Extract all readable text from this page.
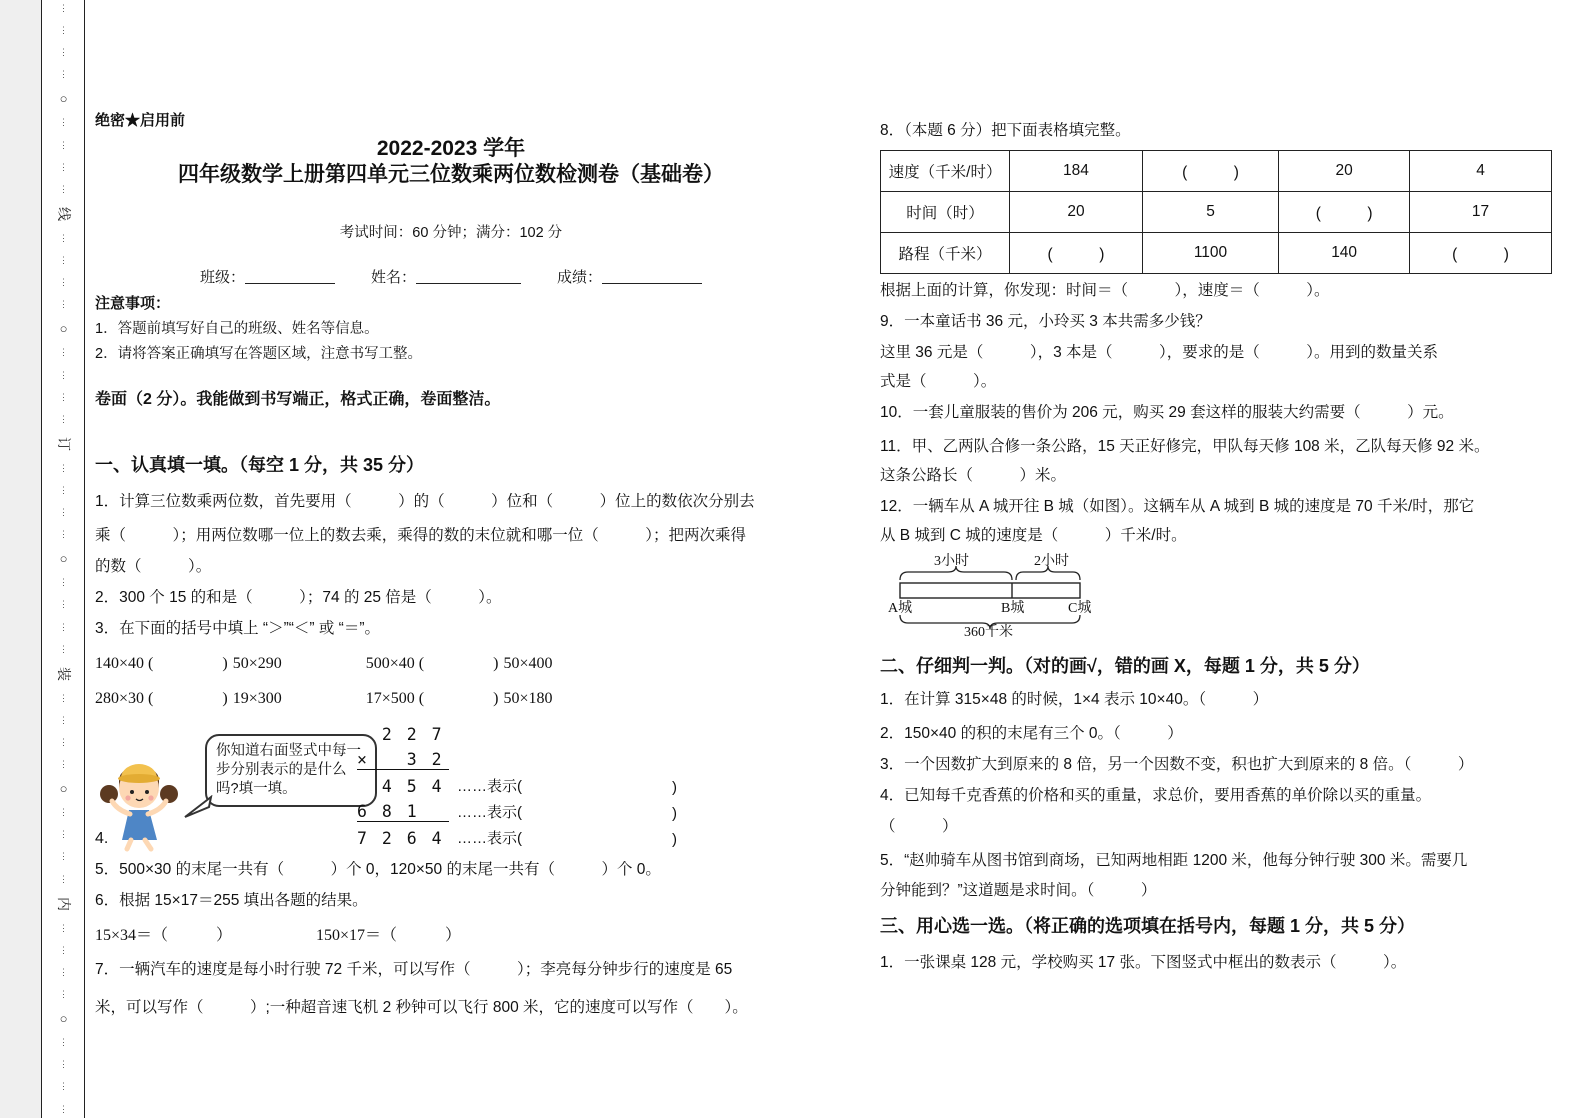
⋮
⋮
⋮
⋮
○
⋮
⋮
⋮
⋮
线
⋮
⋮
⋮
⋮
○
⋮
⋮
⋮
⋮
订
⋮
⋮
⋮
⋮
○
⋮
⋮
⋮
⋮
装
⋮
⋮
⋮
⋮
○
⋮
⋮
⋮
⋮
内
⋮
⋮
⋮
⋮
○
⋮
⋮
⋮
⋮
绝密★启用前
2022-2023 学年
四年级数学上册第四单元三位数乘两位数检测卷（基础卷）
考试时间：60 分钟；满分：102 分
班级：	姓名：	成绩：
注意事项：
1．答题前填写好自己的班级、姓名等信息。
2．请将答案正确填写在答题区域，注意书写工整。
卷面（2 分）。我能做到书写端正，格式正确，卷面整洁。
一、认真填一填。（每空 1 分，共 35 分）
1．计算三位数乘两位数，首先要用（　　　）的（　　　）位和（　　　）位上的数依次分别去
乘（　　　）；用两位数哪一位上的数去乘，乘得的数的末位就和哪一位（　　　）；把两次乘得
的数（　　　）。
2．300 个 15 的和是（　　　）；74 的 25 倍是（　　　）。
3．在下面的括号中填上 “＞”“＜” 或 “＝”。
140×40 (　　　　) 50×290	500×40 (　　　　) 50×400
280×30 (　　　　) 19×300	17×500 (　　　　) 50×180
你知道右面竖式中每一步分别表示的是什么吗?填一填。
4.
2 2 7
×   3 2
4 5 4 ……表示(	)
6 8 1	……表示(	)
7 2 6 4 ……表示(	)
5．500×30 的末尾一共有（　　　）个 0，120×50 的末尾一共有（　　　）个 0。
6．根据 15×17＝255 填出各题的结果。
15×34＝（　　　）	150×17＝（　　　）
7．一辆汽车的速度是每小时行驶 72 千米，可以写作（　　　）；李亮每分钟步行的速度是 65
米，可以写作（　　　）;一种超音速飞机 2 秒钟可以飞行 800 米，它的速度可以写作（　　）。
8．（本题 6 分）把下面表格填完整。
速度（千米/时）	184	(　　　)	20	4
时间（时）	20	5	(　　　)	17
路程（千米）	(　　　)	1100	140	(　　　)
根据上面的计算，你发现：时间＝（　　　），速度＝（　　　）。
9．一本童话书 36 元，小玲买 3 本共需多少钱？
这里 36 元是（　　　），3 本是（　　　），要求的是（　　　）。用到的数量关系
式是（　　　）。
10．一套儿童服装的售价为 206 元，购买 29 套这样的服装大约需要（　　　）元。
11．甲、乙两队合修一条公路，15 天正好修完，甲队每天修 108 米，乙队每天修 92 米。
这条公路长（　　　）米。
12．一辆车从 A 城开往 B 城（如图）。这辆车从 A 城到 B 城的速度是 70 千米/时，那它
从 B 城到 C 城的速度是（　　　）千米/时。
3小时	2小时
A城	B城	C城
360千米
二、仔细判一判。（对的画√，错的画 X，每题 1 分，共 5 分）
1．在计算 315×48 的时候，1×4 表示 10×40。（　　　）
2．150×40 的积的末尾有三个 0。（　　　）
3．一个因数扩大到原来的 8 倍，另一个因数不变，积也扩大到原来的 8 倍。（　　　）
4．已知每千克香蕉的价格和买的重量，求总价，要用香蕉的单价除以买的重量。
（　　　）
5．“赵帅骑车从图书馆到商场，已知两地相距 1200 米，他每分钟行驶 300 米。需要几
分钟能到？”这道题是求时间。（　　　）
三、用心选一选。（将正确的选项填在括号内，每题 1 分，共 5 分）
1．一张课桌 128 元，学校购买 17 张。下图竖式中框出的数表示（　　　）。
